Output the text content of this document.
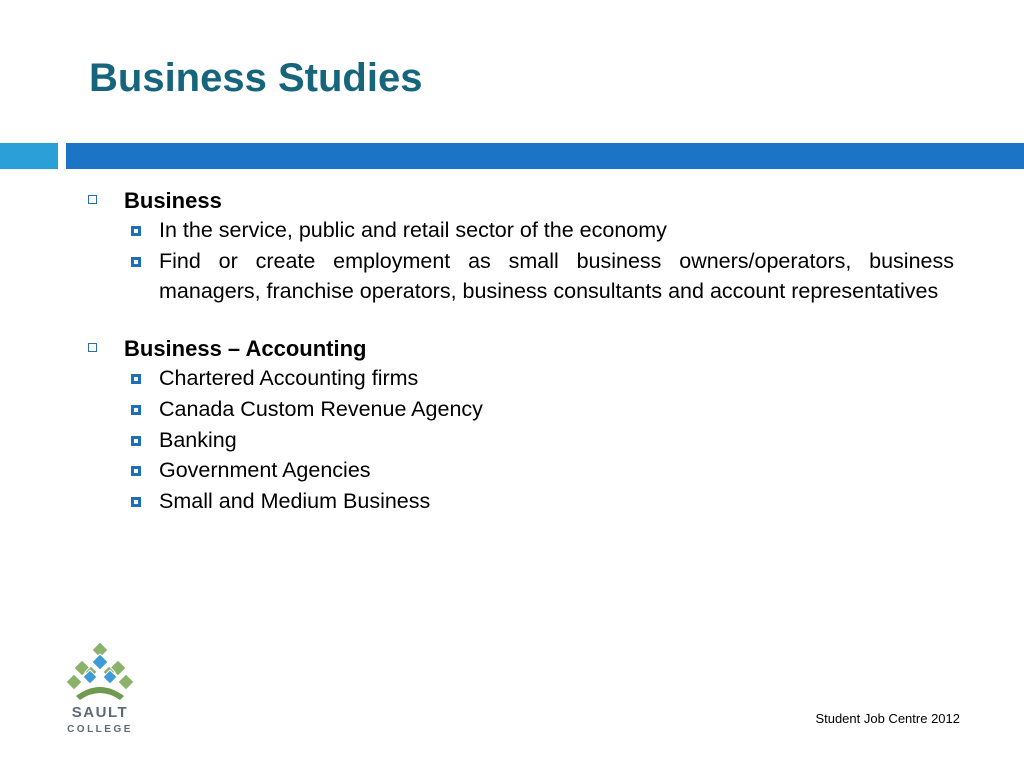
Business Studies
Business
In the service, public and retail sector of the economy
Find or create employment as small business owners/operators, business managers, franchise operators, business consultants and account representatives
Business – Accounting
Chartered Accounting firms
Canada Custom Revenue Agency
Banking
Government Agencies
Small and Medium Business
SAULT
COLLEGE
Student Job Centre 2012
